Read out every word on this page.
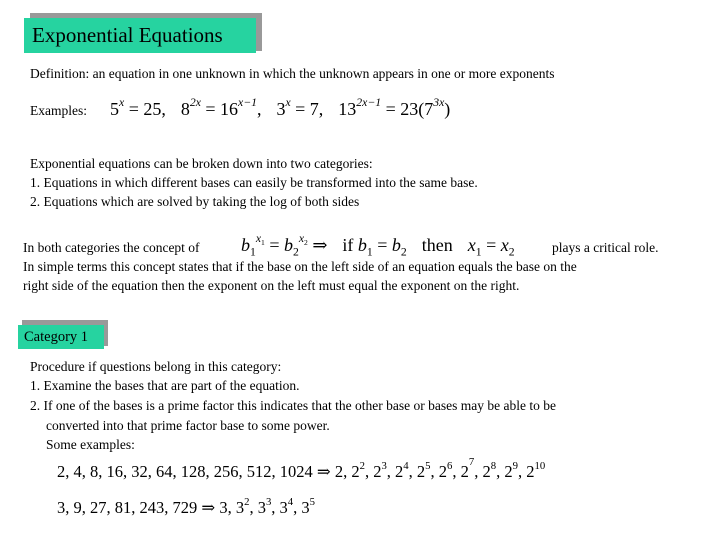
Exponential Equations
Definition: an equation in one unknown in which the unknown appears in one or more exponents
Examples: $5^x = 25$, $8^{2x} = 16^{x-1}$, $3^x = 7$, $13^{2x-1} = 23(7^{3x})$
Exponential equations can be broken down into two categories:
1. Equations in which different bases can easily be transformed into the same base.
2. Equations which are solved by taking the log of both sides
In both categories the concept of $b_1^{x_1} = b_2^{x_2}$ ⇒ if $b_1 = b_2$ then $x_1 = x_2$	plays a critical role.
In simple terms this concept states that if the base on the left side of an equation equals the base on the
right side of the equation then the exponent on the left must equal the exponent on the right.
Category 1
Procedure if questions belong in this category:
1. Examine the bases that are part of the equation.
2. If one of the bases is a prime factor this indicates that the other base or bases may be able to be
converted into that prime factor base to some power.
Some examples:
2, 4, 8, 16, 32, 64, 128, 256, 512, 1024 ⇒ 2, $2^2$, $2^3$, $2^4$, $2^5$, $2^6$, $2^7$, $2^8$, $2^9$, $2^{10}$
3, 9, 27, 81, 243, 729 ⇒ 3, $3^2$, $3^3$, $3^4$, $3^5$
